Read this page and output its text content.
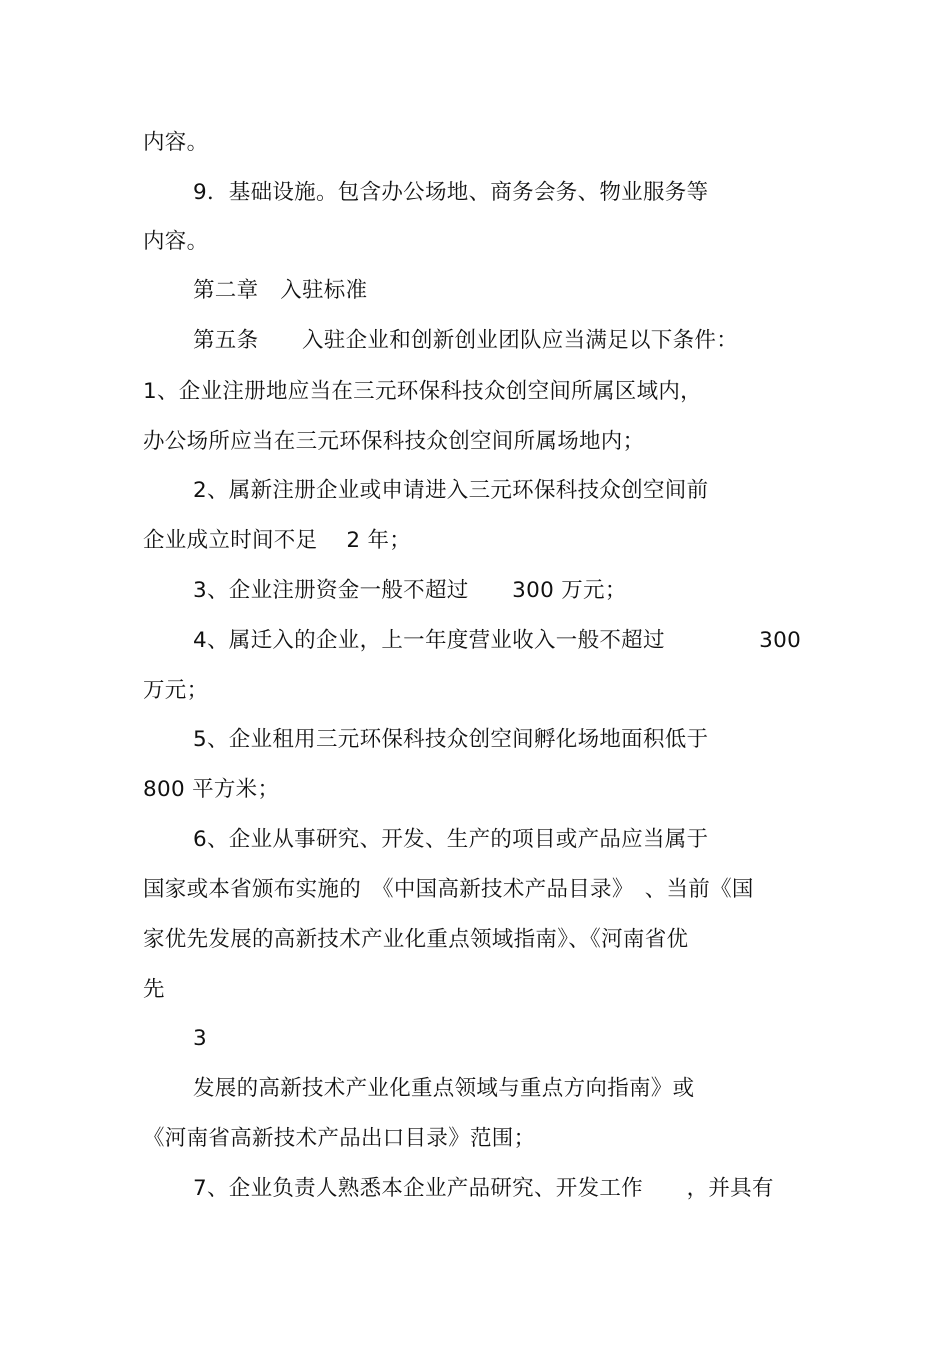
内容。
9．基础设施。包含办公场地、商务会务、物业服务等
内容。
第二章　入驻标准
第五条　　入驻企业和创新创业团队应当满足以下条件：
1、企业注册地应当在三元环保科技众创空间所属区域内，
办公场所应当在三元环保科技众创空间所属场地内；
2、属新注册企业或申请进入三元环保科技众创空间前
企业成立时间不足　 2 年；
3、企业注册资金一般不超过　　300 万元；
4、属迁入的企业，上一年度营业收入一般不超过　　　　 300
万元；
5、企业租用三元环保科技众创空间孵化场地面积低于
800 平方米；
6、企业从事研究、开发、生产的项目或产品应当属于
国家或本省颁布实施的　《中国高新技术产品目录》　、当前《国
家优先发展的高新技术产业化重点领域指南》、《河南省优
先
3
发展的高新技术产业化重点领域与重点方向指南》或
《河南省高新技术产品出口目录》范围；
7、企业负责人熟悉本企业产品研究、开发工作　　，并具有
